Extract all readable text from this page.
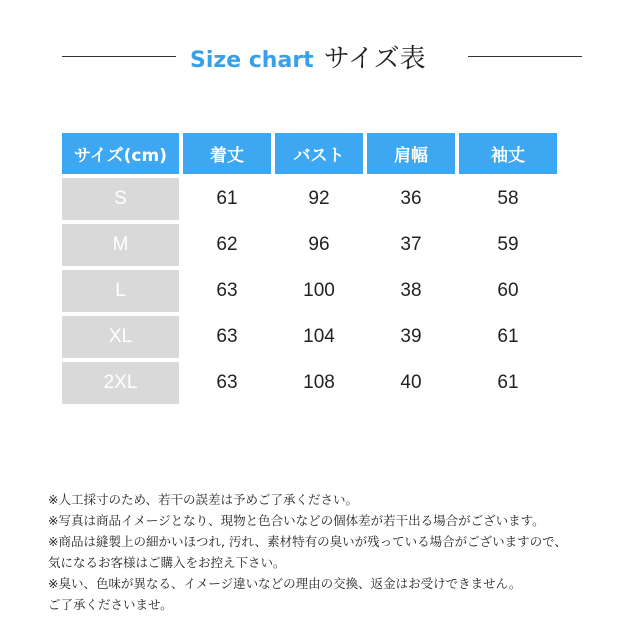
Size chart サイズ表
サイズ(cm)	着丈	バスト	肩幅	袖丈
S	61	92	36	58
M	62	96	37	59
L	63	100	38	60
XL	63	104	39	61
2XL	63	108	40	61
※人工採寸のため、若干の誤差は予めご了承ください。
※写真は商品イメージとなり、現物と色合いなどの個体差が若干出る場合がございます。
※商品は縫製上の細かいほつれ, 汚れ、素材特有の臭いが残っている場合がございますので、
気になるお客様はご購入をお控え下さい。
※臭い、色味が異なる、イメージ違いなどの理由の交換、返金はお受けできません。
ご了承くださいませ。
